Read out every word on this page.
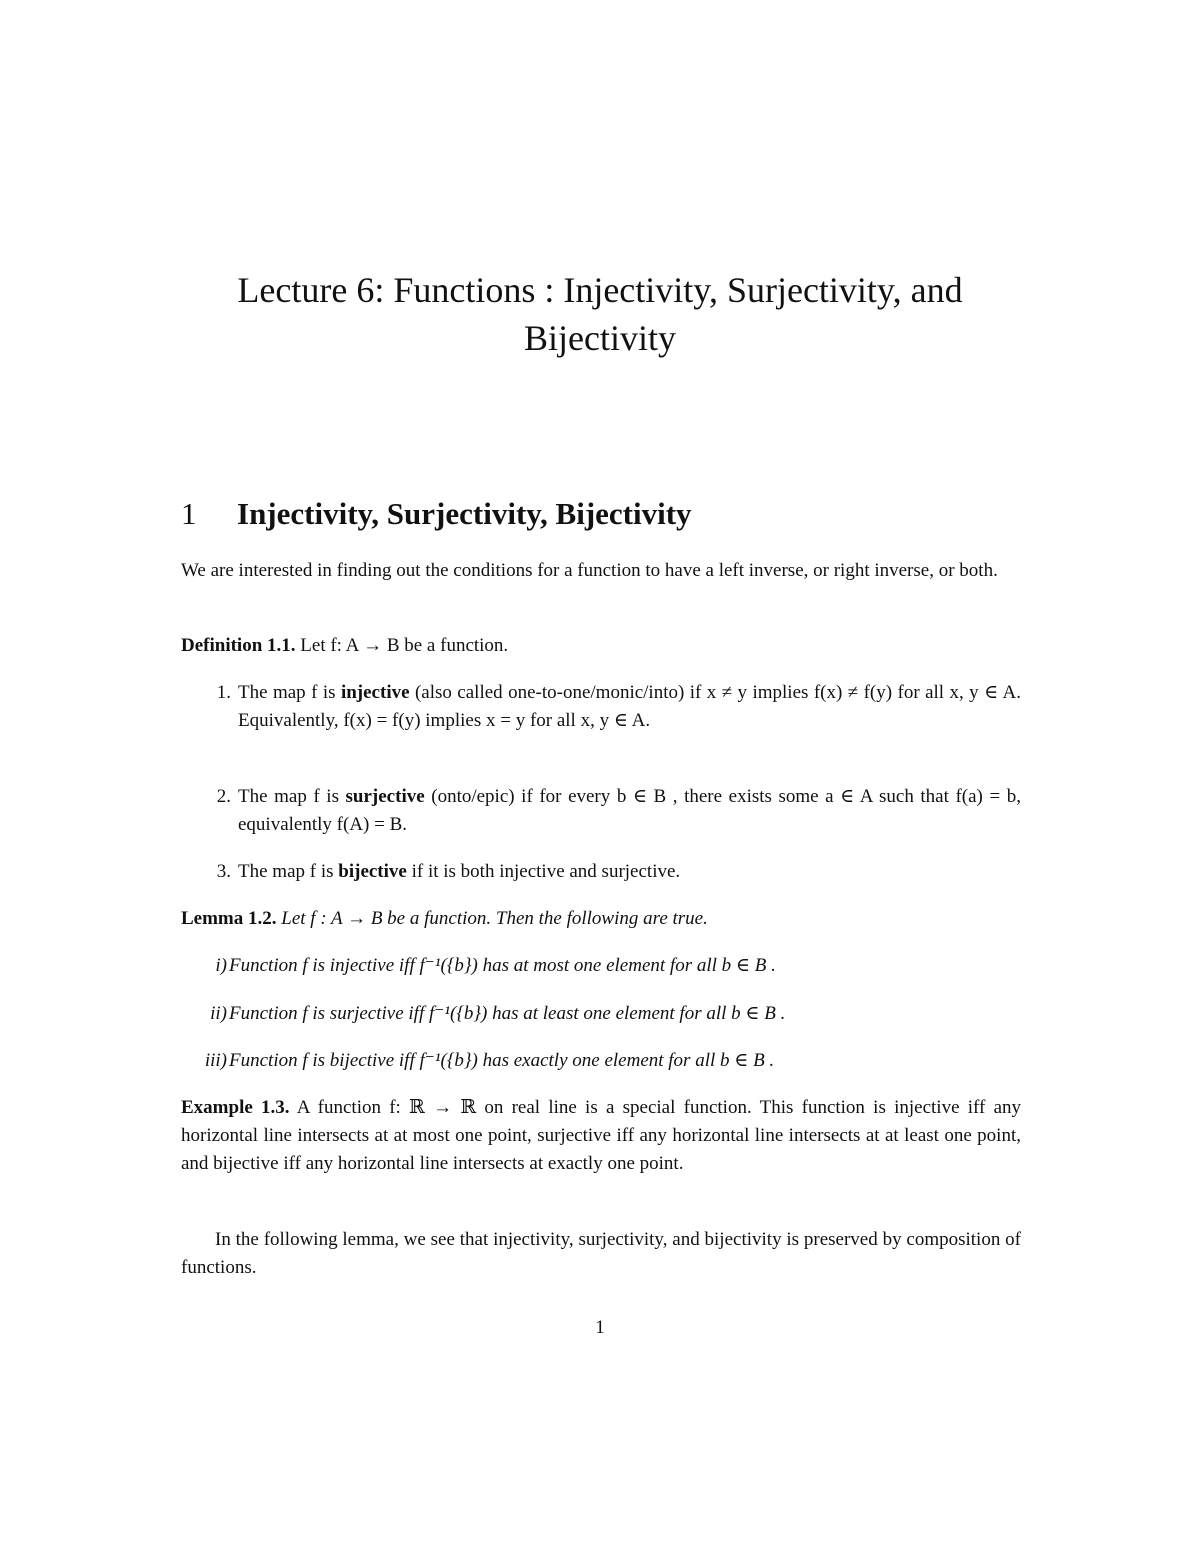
Lecture 6: Functions : Injectivity, Surjectivity, and
Bijectivity
1 Injectivity, Surjectivity, Bijectivity

We are interested in finding out the conditions for a function to have a left inverse, or right inverse, or both.

Definition 1.1. Let f: A → B be a function.

1. The map f is injective (also called one-to-one/monic/into) if x ≠ y implies f(x) ≠ f(y) for all x, y ∈ A. Equivalently, f(x) = f(y) implies x = y for all x, y ∈ A.
2. The map f is surjective (onto/epic) if for every b ∈ B , there exists some a ∈ A such that f(a) = b, equivalently f(A) = B.
3. The map f is bijective if it is both injective and surjective.

Lemma 1.2. Let f : A → B be a function. Then the following are true.

i) Function f is injective iff f⁻¹({b}) has at most one element for all b ∈ B .
ii) Function f is surjective iff f⁻¹({b}) has at least one element for all b ∈ B .
iii) Function f is bijective iff f⁻¹({b}) has exactly one element for all b ∈ B .

Example 1.3. A function f: ℝ → ℝ on real line is a special function. This function is injective iff any horizontal line intersects at at most one point, surjective iff any horizontal line intersects at at least one point, and bijective iff any horizontal line intersects at exactly one point.

In the following lemma, we see that injectivity, surjectivity, and bijectivity is preserved by composition of functions.

1
